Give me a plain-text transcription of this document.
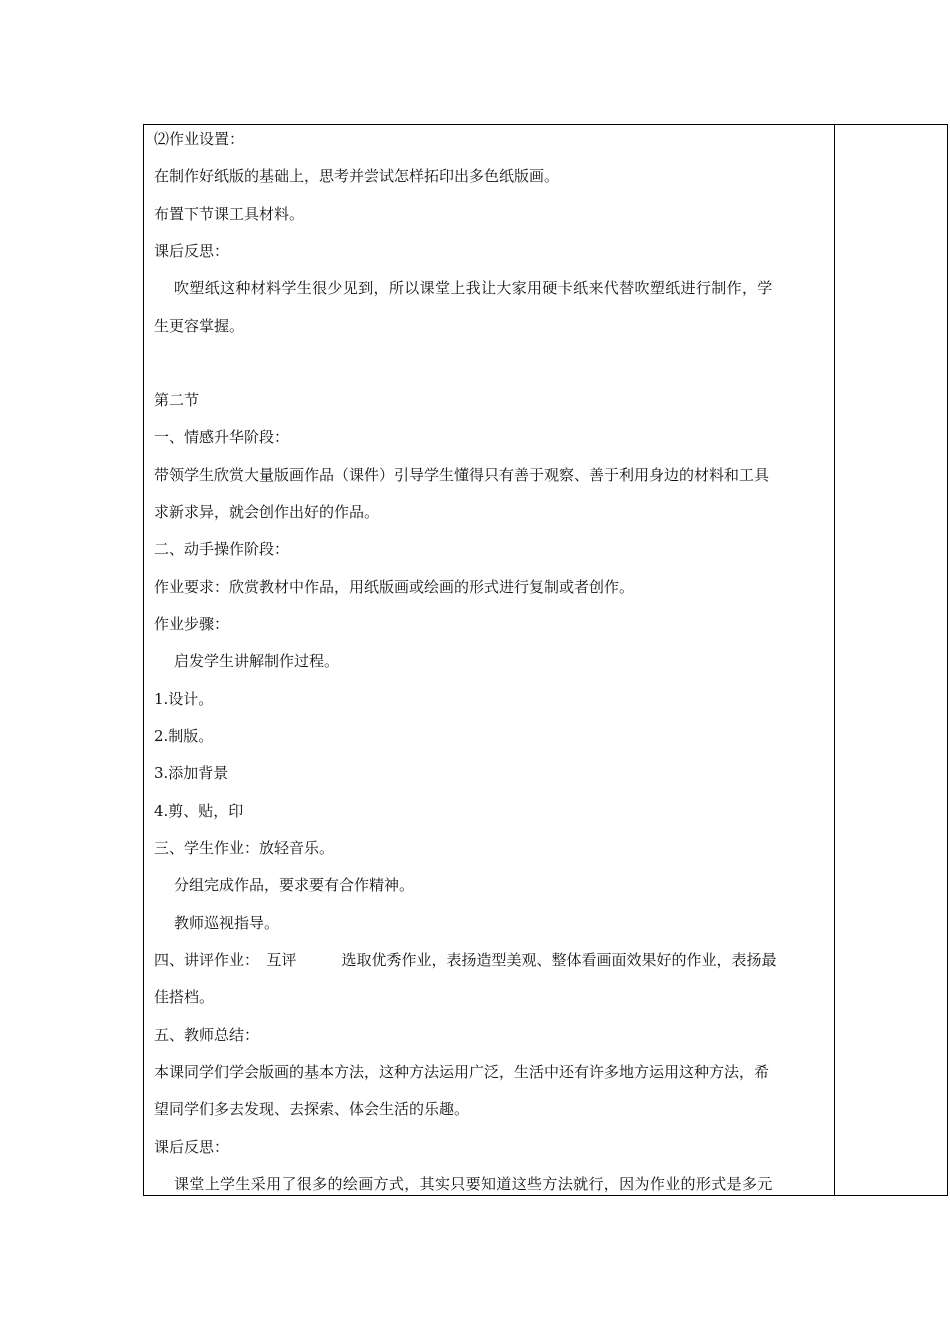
⑵作业设置：
在制作好纸版的基础上，思考并尝试怎样拓印出多色纸版画。
布置下节课工具材料。
课后反思：
吹塑纸这种材料学生很少见到，所以课堂上我让大家用硬卡纸来代替吹塑纸进行制作，学
生更容掌握。
第二节
一、情感升华阶段：
带领学生欣赏大量版画作品（课件）引导学生懂得只有善于观察、善于利用身边的材料和工具
求新求异，就会创作出好的作品。
二、动手操作阶段：
作业要求：欣赏教材中作品，用纸版画或绘画的形式进行复制或者创作。
作业步骤：
启发学生讲解制作过程。
1.设计。
2.制版。
3.添加背景
4.剪、贴，印
三、学生作业：放轻音乐。
分组完成作品，要求要有合作精神。
教师巡视指导。
四、讲评作业：　互评　　　选取优秀作业，表扬造型美观、整体看画面效果好的作业，表扬最
佳搭档。
五、教师总结：
本课同学们学会版画的基本方法，这种方法运用广泛，生活中还有许多地方运用这种方法，希
望同学们多去发现、去探索、体会生活的乐趣。
课后反思：
课堂上学生采用了很多的绘画方式，其实只要知道这些方法就行，因为作业的形式是多元
